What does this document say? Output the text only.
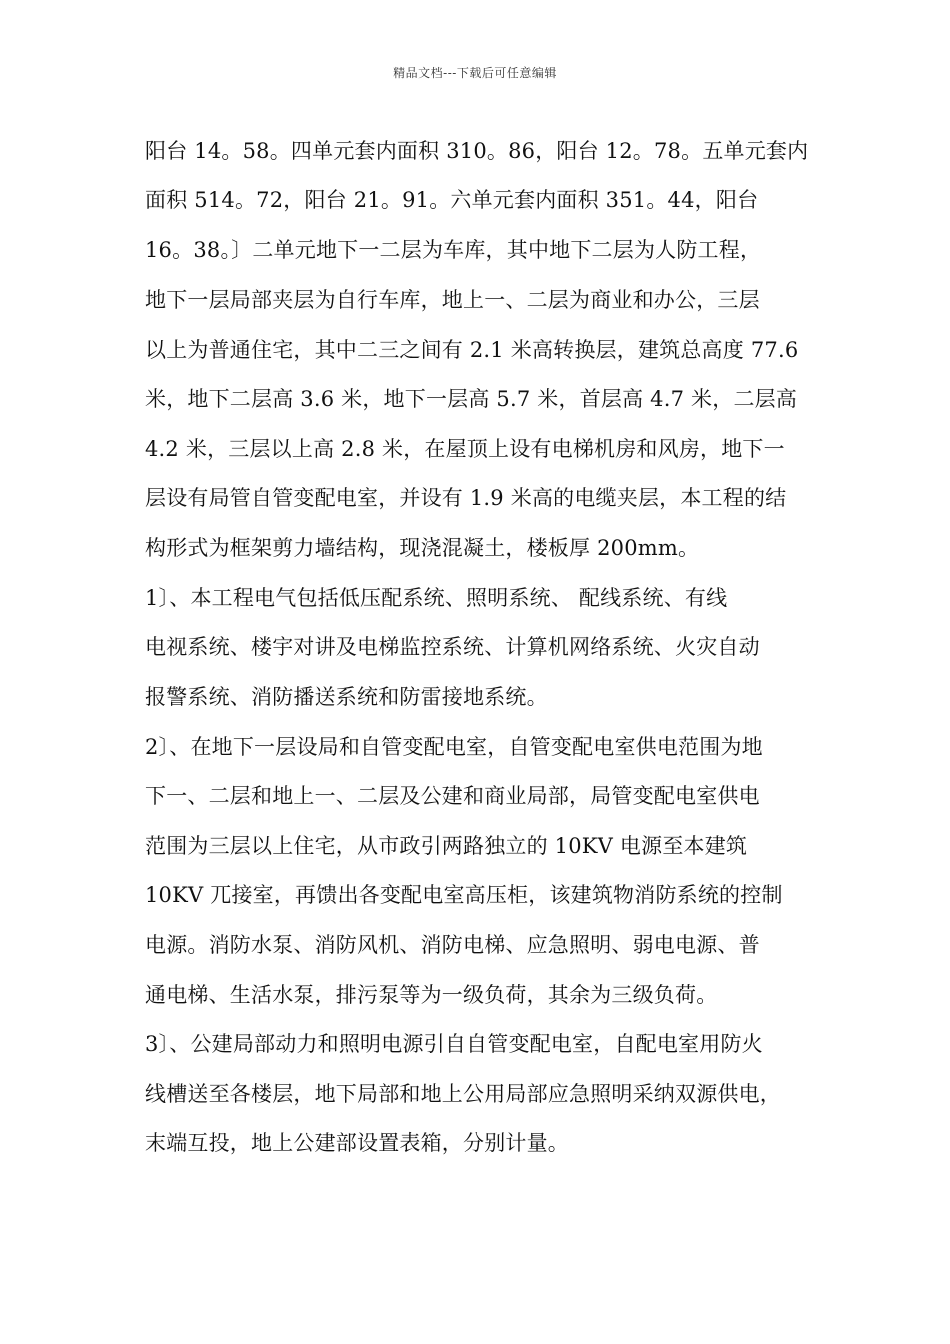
精品文档---下载后可任意编辑
阳台 14。58。四单元套内面积 310。86，阳台 12。78。五单元套内
面积 514。72，阳台 21。91。六单元套内面积 351。44，阳台
16。38。〕二单元地下一二层为车库，其中地下二层为人防工程，
地下一层局部夹层为自行车库，地上一、二层为商业和办公，三层
以上为普通住宅，其中二三之间有 2.1 米高转换层，建筑总高度 77.6
米，地下二层高 3.6 米，地下一层高 5.7 米，首层高 4.7 米，二层高
4.2 米，三层以上高 2.8 米，在屋顶上设有电梯机房和风房，地下一
层设有局管自管变配电室，并设有 1.9 米高的电缆夹层，本工程的结
构形式为框架剪力墙结构，现浇混凝土，楼板厚 200mm。
1〕、本工程电气包括低压配系统、照明系统、 配线系统、有线
电视系统、楼宇对讲及电梯监控系统、计算机网络系统、火灾自动
报警系统、消防播送系统和防雷接地系统。
2〕、在地下一层设局和自管变配电室，自管变配电室供电范围为地
下一、二层和地上一、二层及公建和商业局部，局管变配电室供电
范围为三层以上住宅，从市政引两路独立的 10KV 电源至本建筑
10KV 兀接室，再馈出各变配电室高压柜，该建筑物消防系统的控制
电源。消防水泵、消防风机、消防电梯、应急照明、弱电电源、普
通电梯、生活水泵，排污泵等为一级负荷，其余为三级负荷。
3〕、公建局部动力和照明电源引自自管变配电室，自配电室用防火
线槽送至各楼层，地下局部和地上公用局部应急照明采纳双源供电，
末端互投，地上公建部设置表箱，分别计量。
